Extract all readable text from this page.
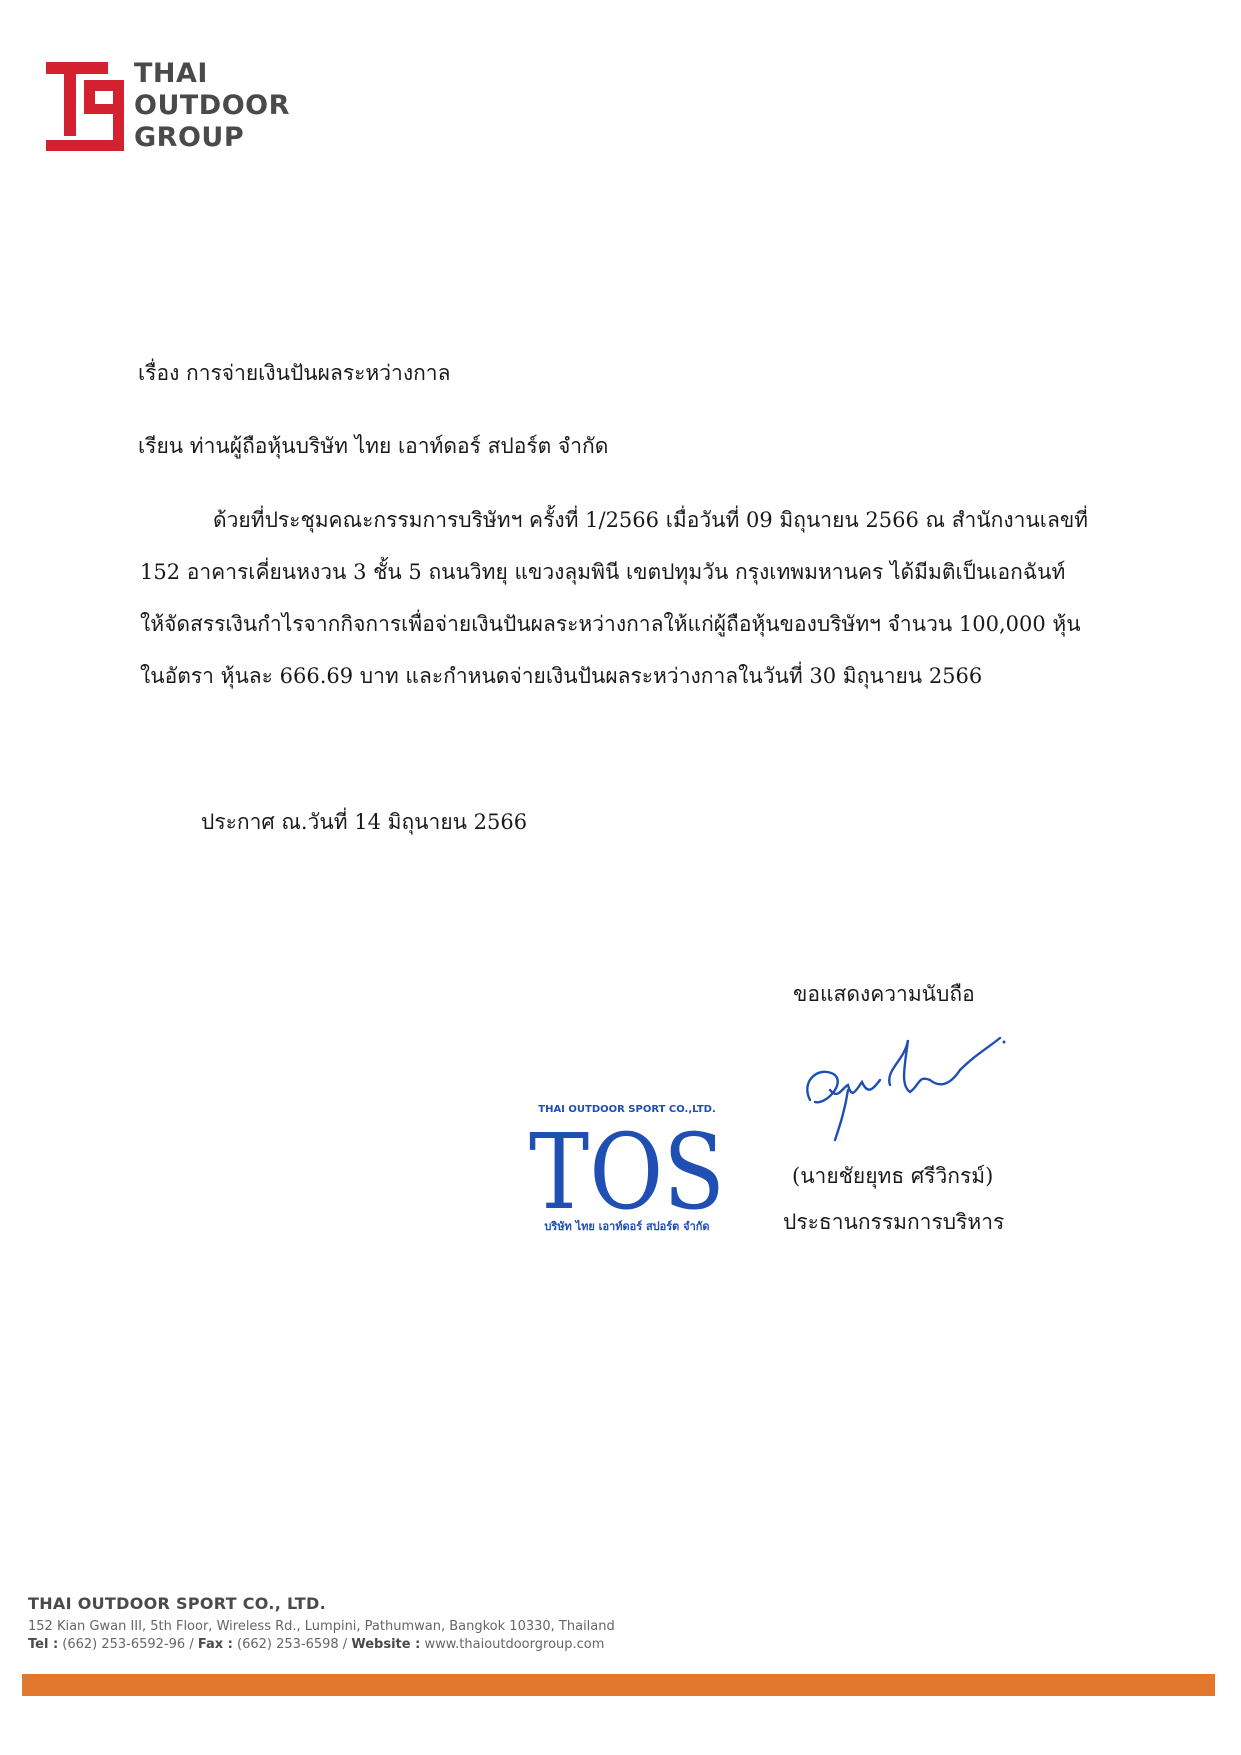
THAI
OUTDOOR
GROUP
เรื่อง การจ่ายเงินปันผลระหว่างกาล
เรียน ท่านผู้ถือหุ้นบริษัท ไทย เอาท์ดอร์ สปอร์ต จำกัด
ด้วยที่ประชุมคณะกรรมการบริษัทฯ ครั้งที่ 1/2566 เมื่อวันที่ 09 มิถุนายน 2566 ณ สำนักงานเลขที่
152 อาคารเคี่ยนหงวน 3 ชั้น 5 ถนนวิทยุ แขวงลุมพินี เขตปทุมวัน กรุงเทพมหานคร ได้มีมติเป็นเอกฉันท์
ให้จัดสรรเงินกำไรจากกิจการเพื่อจ่ายเงินปันผลระหว่างกาลให้แก่ผู้ถือหุ้นของบริษัทฯ จำนวน 100,000 หุ้น
ในอัตรา หุ้นละ 666.69 บาท และกำหนดจ่ายเงินปันผลระหว่างกาลในวันที่ 30 มิถุนายน 2566
ประกาศ ณ.วันที่ 14 มิถุนายน 2566
ขอแสดงความนับถือ
(นายชัยยุทธ ศรีวิกรม์)
ประธานกรรมการบริหาร
THAI OUTDOOR SPORT CO.,LTD.
TOS
บริษัท ไทย เอาท์ดอร์ สปอร์ต จำกัด
THAI OUTDOOR SPORT CO., LTD.
152 Kian Gwan III, 5th Floor, Wireless Rd., Lumpini, Pathumwan, Bangkok 10330, Thailand
Tel : (662) 253-6592-96 / Fax : (662) 253-6598 / Website : www.thaioutdoorgroup.com
